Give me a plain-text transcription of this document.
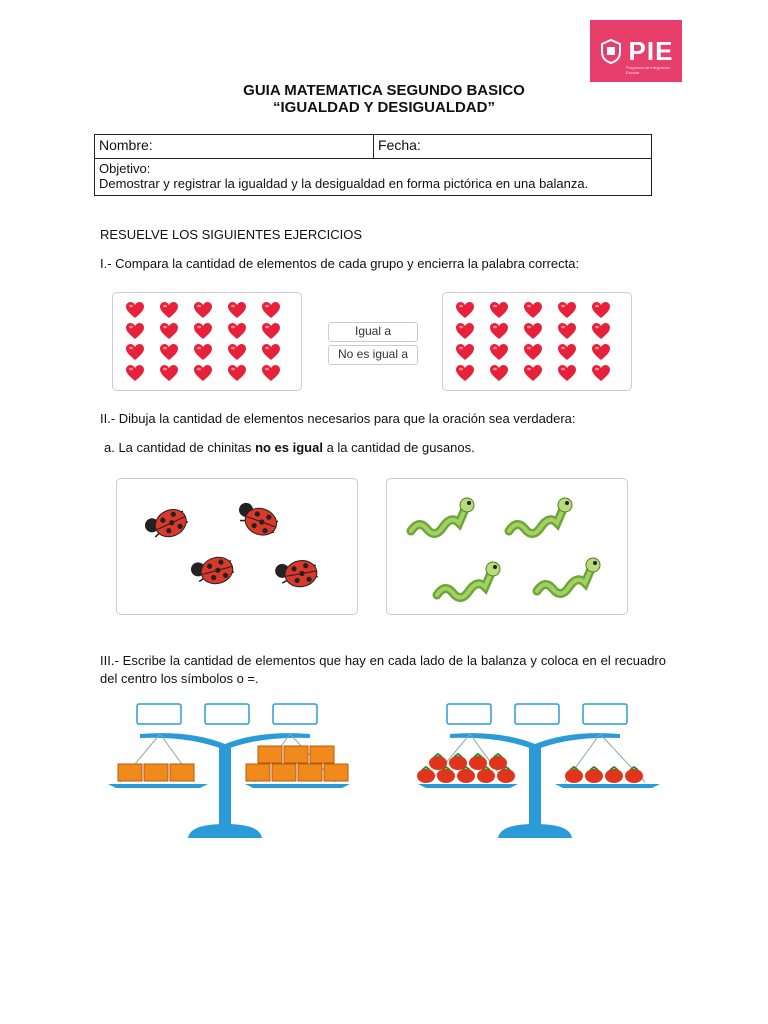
PIE
Programa de Integración Escolar
GUIA MATEMATICA SEGUNDO BASICO
“IGUALDAD Y DESIGUALDAD”
Nombre:	Fecha:

Objetivo:
Demostrar y registrar la igualdad y la desigualdad en forma pictórica en una balanza.
RESUELVE LOS SIGUIENTES EJERCICIOS
I.- Compara la cantidad de elementos de cada grupo y encierra la palabra correcta:
Igual a
No es igual a
II.- Dibuja la cantidad de elementos necesarios para que la oración sea verdadera:
a. La cantidad de chinitas no es igual a la cantidad de gusanos.
III.- Escribe la cantidad de elementos que hay en cada lado de la balanza y coloca en el recuadro del centro los símbolos o =.
